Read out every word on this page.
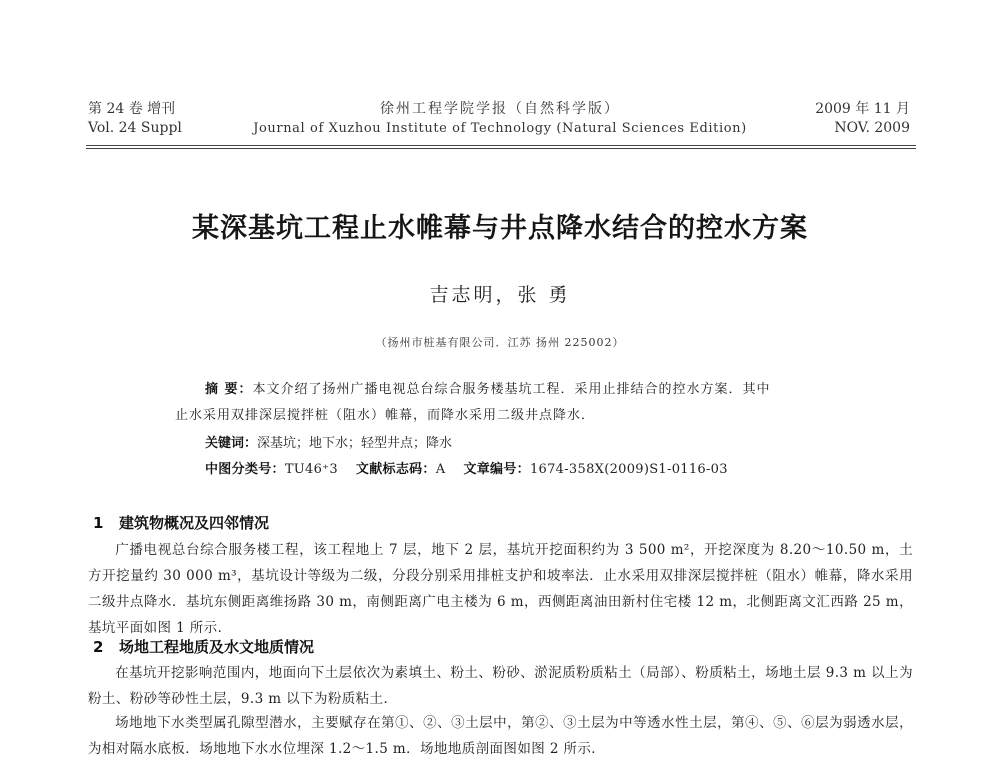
第 24 卷 增刊
Vol. 24 Suppl
徐州工程学院学报（自然科学版）
Journal of Xuzhou Institute of Technology (Natural Sciences Edition)
2009 年 11 月
NOV. 2009
某深基坑工程止水帷幕与井点降水结合的控水方案
吉志明，张 勇
（扬州市桩基有限公司．江苏 扬州 225002）
摘 要：本文介绍了扬州广播电视总台综合服务楼基坑工程．采用止排结合的控水方案．其中
止水采用双排深层搅拌桩（阻水）帷幕，而降水采用二级井点降水．
关键词：深基坑；地下水；轻型井点；降水
中图分类号：TU46⁺3 文献标志码：A 文章编号：1674-358X(2009)S1-0116-03
1 建筑物概况及四邻情况
广播电视总台综合服务楼工程，该工程地上 7 层，地下 2 层，基坑开挖面积约为 3 500 m²，开挖深度为 8.20～10.50 m，土方开挖量约 30 000 m³，基坑设计等级为二级，分段分别采用排桩支护和坡率法．止水采用双排深层搅拌桩（阻水）帷幕，降水采用二级井点降水．基坑东侧距离维扬路 30 m，南侧距离广电主楼为 6 m，西侧距离油田新村住宅楼 12 m，北侧距离文汇西路 25 m，基坑平面如图 1 所示．
2 场地工程地质及水文地质情况
在基坑开挖影响范围内，地面向下土层依次为素填土、粉土、粉砂、淤泥质粉质粘土（局部）、粉质粘土，场地土层 9.3 m 以上为粉土、粉砂等砂性土层，9.3 m 以下为粉质粘土．
场地地下水类型属孔隙型潜水，主要赋存在第①、②、③土层中，第②、③土层为中等透水性土层，第④、⑤、⑥层为弱透水层，为相对隔水底板．场地地下水水位埋深 1.2～1.5 m．场地地质剖面图如图 2 所示．
